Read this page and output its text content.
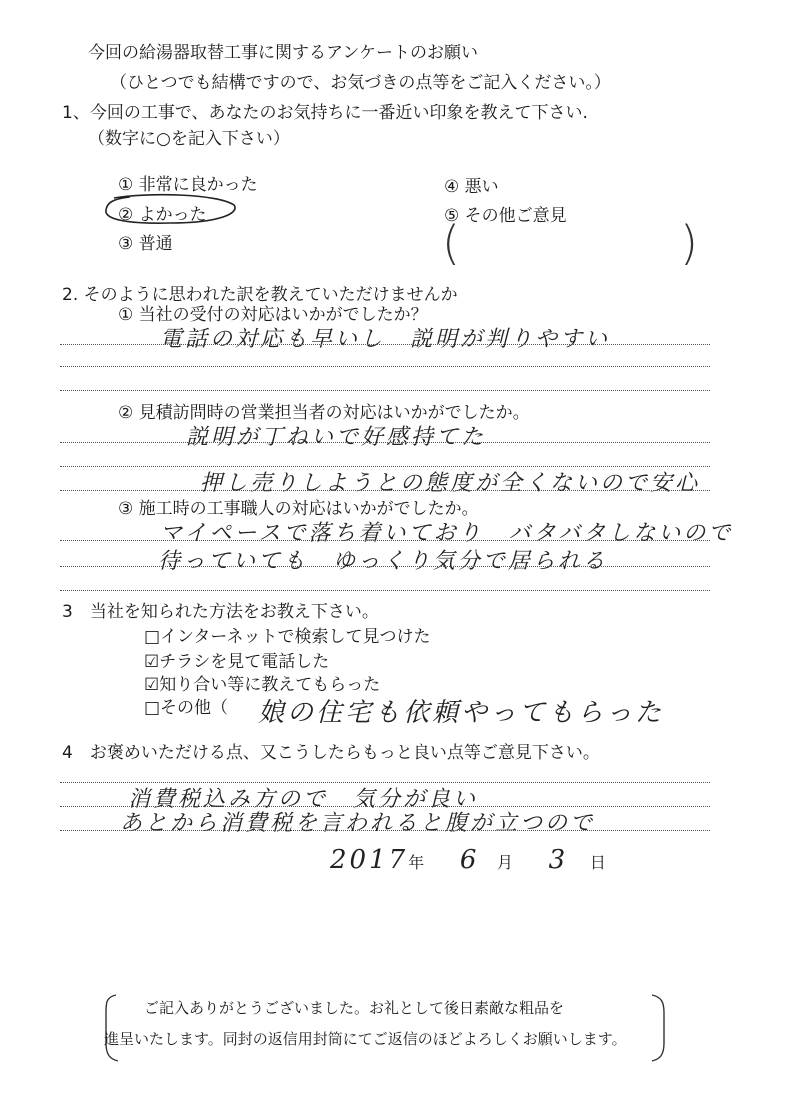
今回の給湯器取替工事に関するアンケートのお願い
（ひとつでも結構ですので、お気づきの点等をご記入ください。）
1、今回の工事で、あなたのお気持ちに一番近い印象を教えて下さい.
（数字に○を記入下さい）
① 非常に良かった
② よかった
③ 普通
④ 悪い
⑤ その他ご意見
(	)
2. そのように思われた訳を教えていただけませんか
① 当社の受付の対応はいかがでしたか？
電話の対応も早いし　説明が判りやすい
② 見積訪問時の営業担当者の対応はいかがでしたか。
説明が丁ねいで好感持てた
押し売りしようとの態度が全くないので安心
③ 施工時の工事職人の対応はいかがでしたか。
マイペースで落ち着いており　バタバタしないので
待っていても　ゆっくり気分で居られる
3　当社を知られた方法をお教え下さい。
□インターネットで検索して見つけた
☑チラシを見て電話した
☑知り合い等に教えてもらった
□その他（ 娘の住宅も依頼やってもらった
4　お褒めいただける点、又こうしたらもっと良い点等ご意見下さい。
消費税込み方ので　気分が良い
あとから消費税を言われると腹が立つので
2017年 6 月 3 日
ご記入ありがとうございました。お礼として後日素敵な粗品を
進呈いたします。同封の返信用封筒にてご返信のほどよろしくお願いします。
